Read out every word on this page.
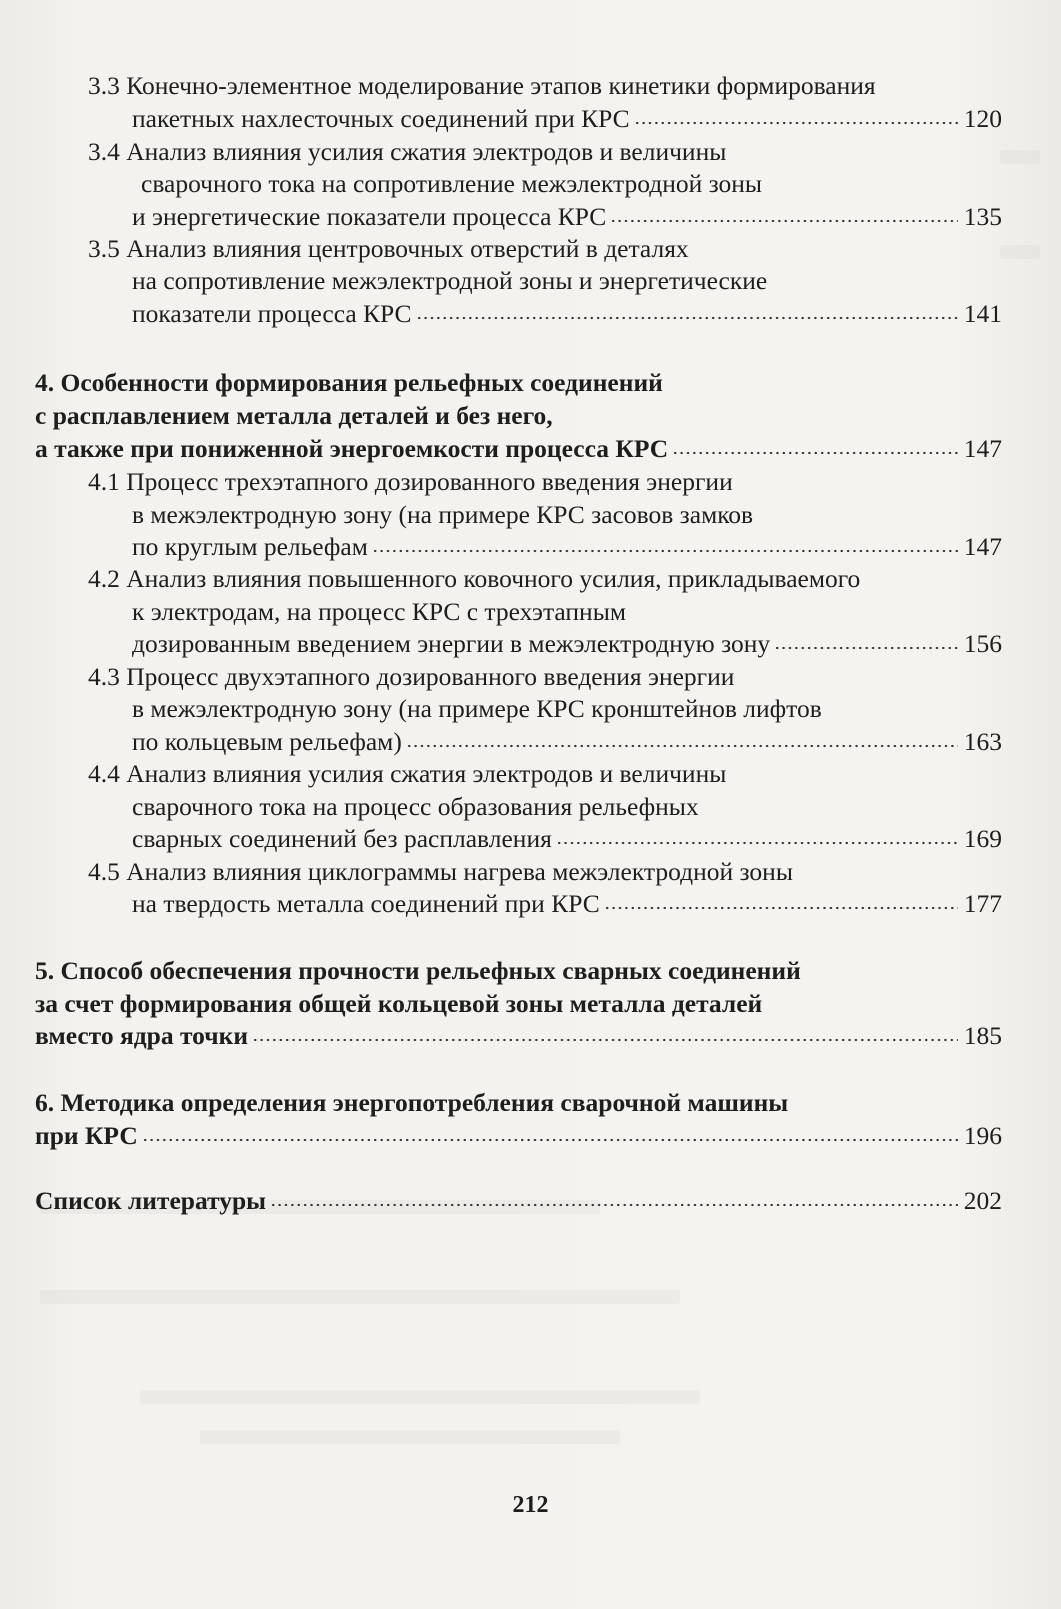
3.3 Конечно-элементное моделирование этапов кинетики формирования
пакетных нахлесточных соединений при КРС	120
3.4 Анализ влияния усилия сжатия электродов и величины
сварочного тока на сопротивление межэлектродной зоны
и энергетические показатели процесса КРС	135
3.5 Анализ влияния центровочных отверстий в деталях
на сопротивление межэлектродной зоны и энергетические
показатели процесса КРС	141
4. Особенности формирования рельефных соединений
с расплавлением металла деталей и без него,
а также при пониженной энергоемкости процесса КРС	147
4.1 Процесс трехэтапного дозированного введения энергии
в межэлектродную зону (на примере КРС засовов замков
по круглым рельефам	147
4.2 Анализ влияния повышенного ковочного усилия, прикладываемого
к электродам, на процесс КРС с трехэтапным
дозированным введением энергии в межэлектродную зону	156
4.3 Процесс двухэтапного дозированного введения энергии
в межэлектродную зону (на примере КРС кронштейнов лифтов
по кольцевым рельефам)	163
4.4 Анализ влияния усилия сжатия электродов и величины
сварочного тока на процесс образования рельефных
сварных соединений без расплавления	169
4.5 Анализ влияния циклограммы нагрева межэлектродной зоны
на твердость металла соединений при КРС	177
5. Способ обеспечения прочности рельефных сварных соединений
за счет формирования общей кольцевой зоны металла деталей
вместо ядра точки	185
6. Методика определения энергопотребления сварочной машины
при КРС	196
Список литературы	202
212
